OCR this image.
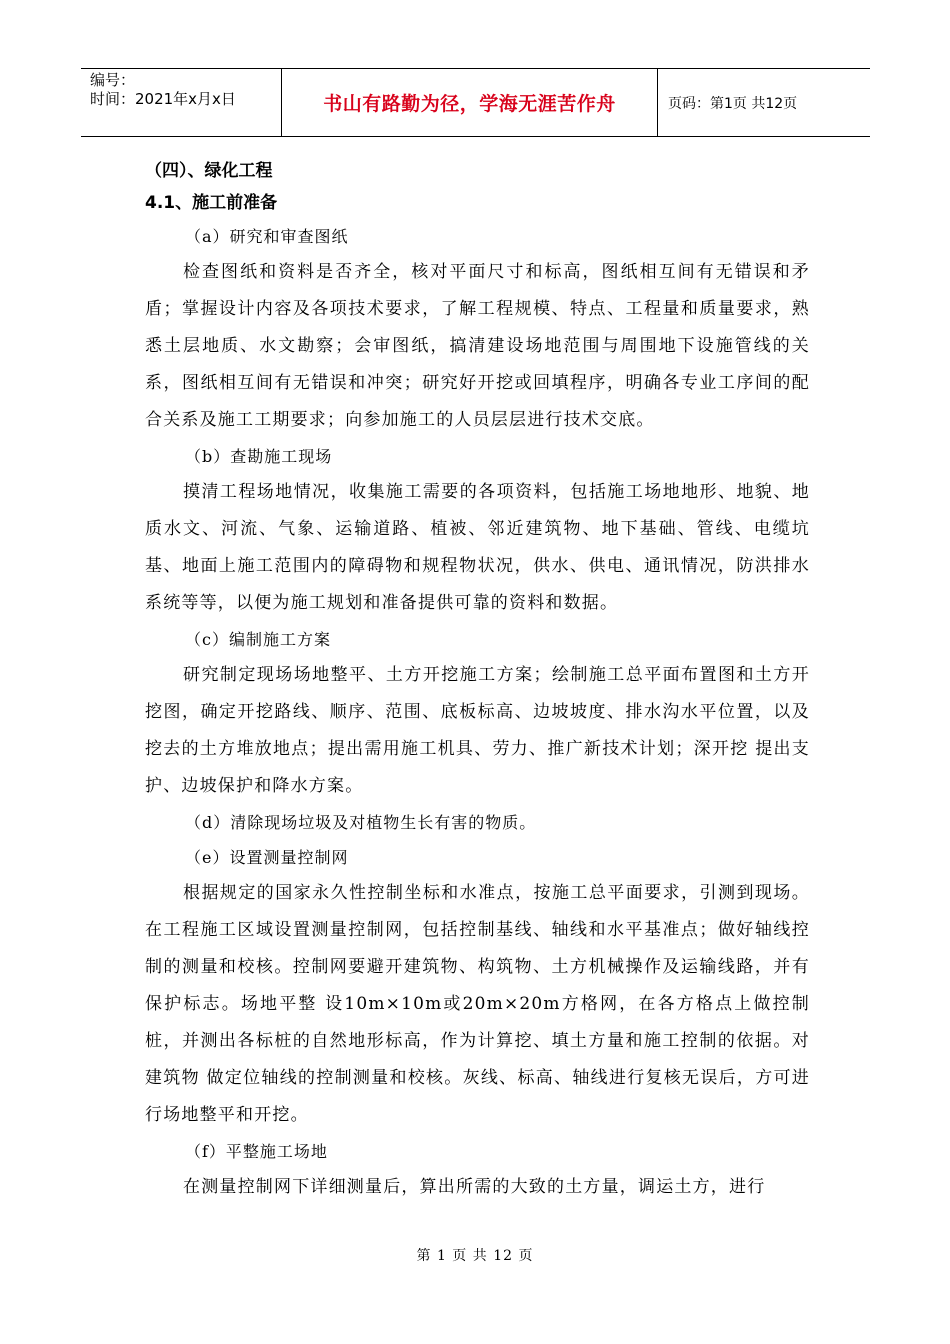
编号：
时间：2021年x月x日	书山有路勤为径，学海无涯苦作舟	页码：第1页 共12页

（四）、绿化工程

4.1、施工前准备

（a）研究和审查图纸

检查图纸和资料是否齐全，核对平面尺寸和标高，图纸相互间有无错误和矛盾；掌握设计内容及各项技术要求，了解工程规模、特点、工程量和质量要求，熟悉土层地质、水文勘察；会审图纸，搞清建设场地范围与周围地下设施管线的关系，图纸相互间有无错误和冲突；研究好开挖或回填程序，明确各专业工序间的配合关系及施工工期要求；向参加施工的人员层层进行技术交底。

（b）查勘施工现场

摸清工程场地情况，收集施工需要的各项资料，包括施工场地地形、地貌、地质水文、河流、气象、运输道路、植被、邻近建筑物、地下基础、管线、电缆坑基、地面上施工范围内的障碍物和规程物状况，供水、供电、通讯情况，防洪排水系统等等，以便为施工规划和准备提供可靠的资料和数据。

（c）编制施工方案

研究制定现场场地整平、土方开挖施工方案；绘制施工总平面布置图和土方开挖图，确定开挖路线、顺序、范围、底板标高、边坡坡度、排水沟水平位置，以及挖去的土方堆放地点；提出需用施工机具、劳力、推广新技术计划；深开挖 提出支护、边坡保护和降水方案。

（d）清除现场垃圾及对植物生长有害的物质。

（e）设置测量控制网

根据规定的国家永久性控制坐标和水准点，按施工总平面要求，引测到现场。在工程施工区域设置测量控制网，包括控制基线、轴线和水平基准点；做好轴线控制的测量和校核。控制网要避开建筑物、构筑物、土方机械操作及运输线路，并有保护标志。场地平整 设10m×10m或20m×20m方格网，在各方格点上做控制桩，并测出各标桩的自然地形标高，作为计算挖、填土方量和施工控制的依据。对建筑物 做定位轴线的控制测量和校核。灰线、标高、轴线进行复核无误后，方可进行场地整平和开挖。

（f）平整施工场地

在测量控制网下详细测量后，算出所需的大致的土方量，调运土方，进行

第 1 页 共 12 页
